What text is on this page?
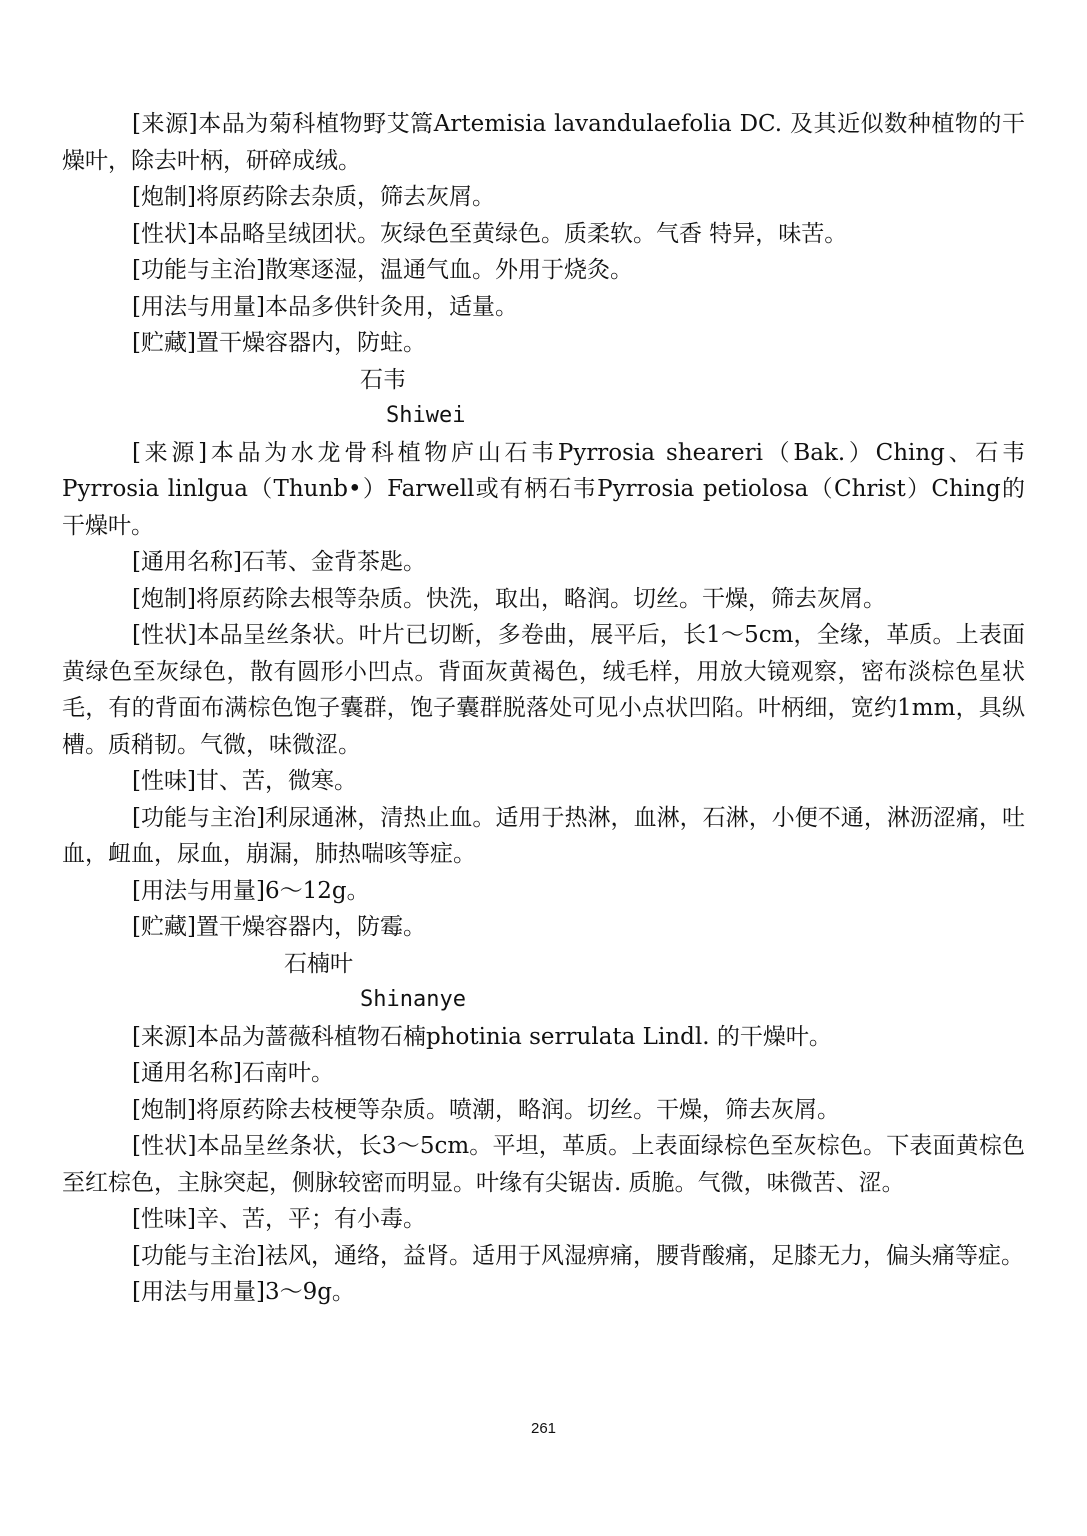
[来源]本品为菊科植物野艾篙Artemisia lavandulaefolia DC. 及其近似数种植物的干燥叶，除去叶柄，研碎成绒。

[炮制]将原药除去杂质，筛去灰屑。

[性状]本品略呈绒团状。灰绿色至黄绿色。质柔软。气香 特异，味苦。

[功能与主治]散寒逐湿，温通气血。外用于烧灸。

[用法与用量]本品多供针灸用，适量。

[贮藏]置干燥容器内，防蛀。

石韦

Shiwei

[来源]本品为水龙骨科植物庐山石韦Pyrrosia sheareri（Bak.）Ching、石韦Pyrrosia linlgua（Thunb•）Farwell或有柄石韦Pyrrosia petiolosa（Christ）Ching的干燥叶。

[通用名称]石苇、金背茶匙。

[炮制]将原药除去根等杂质。快洗，取出，略润。切丝。干燥，筛去灰屑。

[性状]本品呈丝条状。叶片已切断，多卷曲，展平后，长1～5cm，全缘，革质。上表面黄绿色至灰绿色，散有圆形小凹点。背面灰黄褐色，绒毛样，用放大镜观察，密布淡棕色星状毛，有的背面布满棕色饱子囊群，饱子囊群脱落处可见小点状凹陷。叶柄细，宽约1mm，具纵槽。质稍韧。气微，味微涩。

[性味]甘、苦，微寒。

[功能与主治]利尿通淋，清热止血。适用于热淋，血淋，石淋，小便不通，淋沥涩痛，吐血，衄血，尿血，崩漏，肺热喘咳等症。

[用法与用量]6～12g。

[贮藏]置干燥容器内，防霉。

石楠叶

Shinanye

[来源]本品为蔷薇科植物石楠photinia serrulata Lindl. 的干燥叶。

[通用名称]石南叶。

[炮制]将原药除去枝梗等杂质。喷潮，略润。切丝。干燥，筛去灰屑。

[性状]本品呈丝条状，长3～5cm。平坦，革质。上表面绿棕色至灰棕色。下表面黄棕色至红棕色，主脉突起，侧脉较密而明显。叶缘有尖锯齿. 质脆。气微，味微苦、涩。

[性味]辛、苦，平；有小毒。

[功能与主治]祛风，通络，益肾。适用于风湿痹痛，腰背酸痛，足膝无力，偏头痛等症。

[用法与用量]3～9g。

261
